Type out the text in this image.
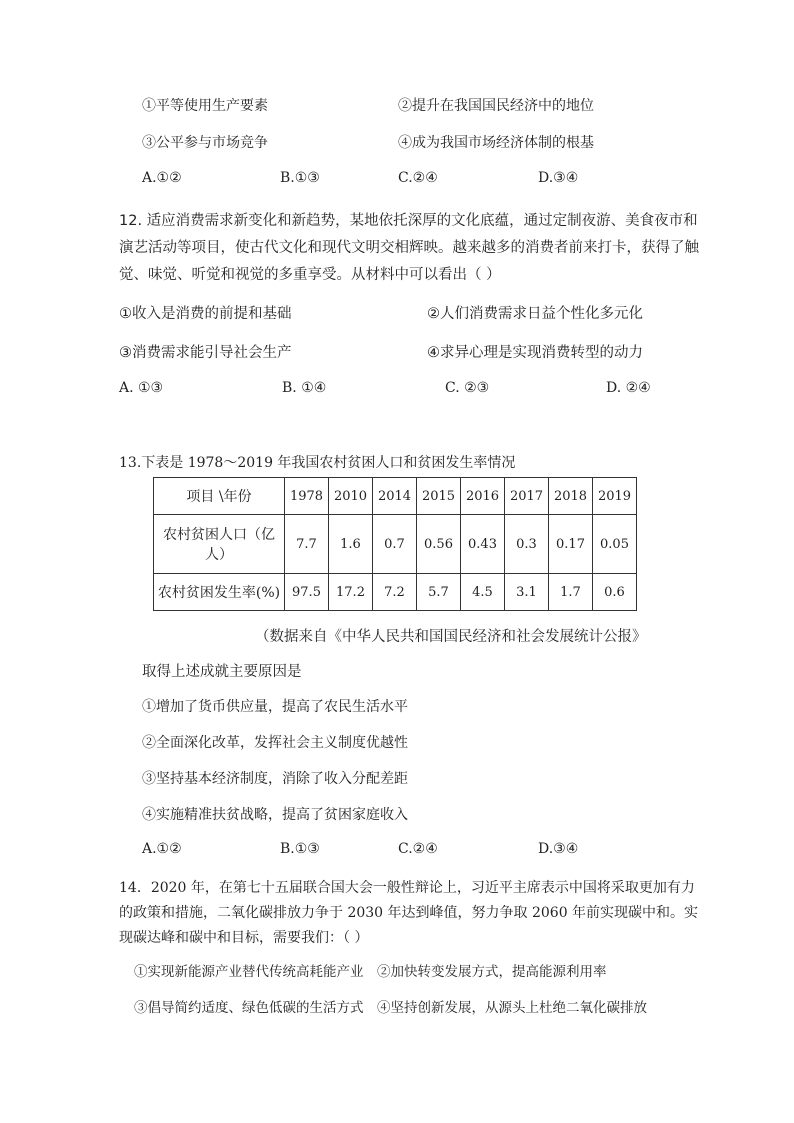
①平等使用生产要素	②提升在我国国民经济中的地位
③公平参与市场竞争	④成为我国市场经济体制的根基
A.①②	B.①③	C.②④	D.③④
12. 适应消费需求新变化和新趋势，某地依托深厚的文化底蕴，通过定制夜游、美食夜市和
演艺活动等项目，使古代文化和现代文明交相辉映。越来越多的消费者前来打卡，获得了触
觉、味觉、听觉和视觉的多重享受。从材料中可以看出（ ）
①收入是消费的前提和基础	②人们消费需求日益个性化多元化
③消费需求能引导社会生产	④求异心理是实现消费转型的动力
A. ①③	B. ①④	C. ②③	D. ②④
13.下表是 1978～2019 年我国农村贫困人口和贫困发生率情况
项目 \年份	1978	2010	2014	2015	2016	2017	2018	2019

农村贫困人口（亿
人）	7.7	1.6	0.7	0.56	0.43	0.3	0.17	0.05
农村贫困发生率(%)	97.5	17.2	7.2	5.7	4.5	3.1	1.7	0.6
（数据来自《中华人民共和国国民经济和社会发展统计公报》
取得上述成就主要原因是
①增加了货币供应量，提高了农民生活水平
②全面深化改革，发挥社会主义制度优越性
③坚持基本经济制度，消除了收入分配差距
④实施精准扶贫战略，提高了贫困家庭收入
A.①②	B.①③	C.②④	D.③④
14．2020 年，在第七十五届联合国大会一般性辩论上，习近平主席表示中国将采取更加有力
的政策和措施，二氧化碳排放力争于 2030 年达到峰值，努力争取 2060 年前实现碳中和。实
现碳达峰和碳中和目标，需要我们：（ ）
①实现新能源产业替代传统高耗能产业 ②加快转变发展方式，提高能源利用率
③倡导简约适度、绿色低碳的生活方式 ④坚持创新发展，从源头上杜绝二氧化碳排放
